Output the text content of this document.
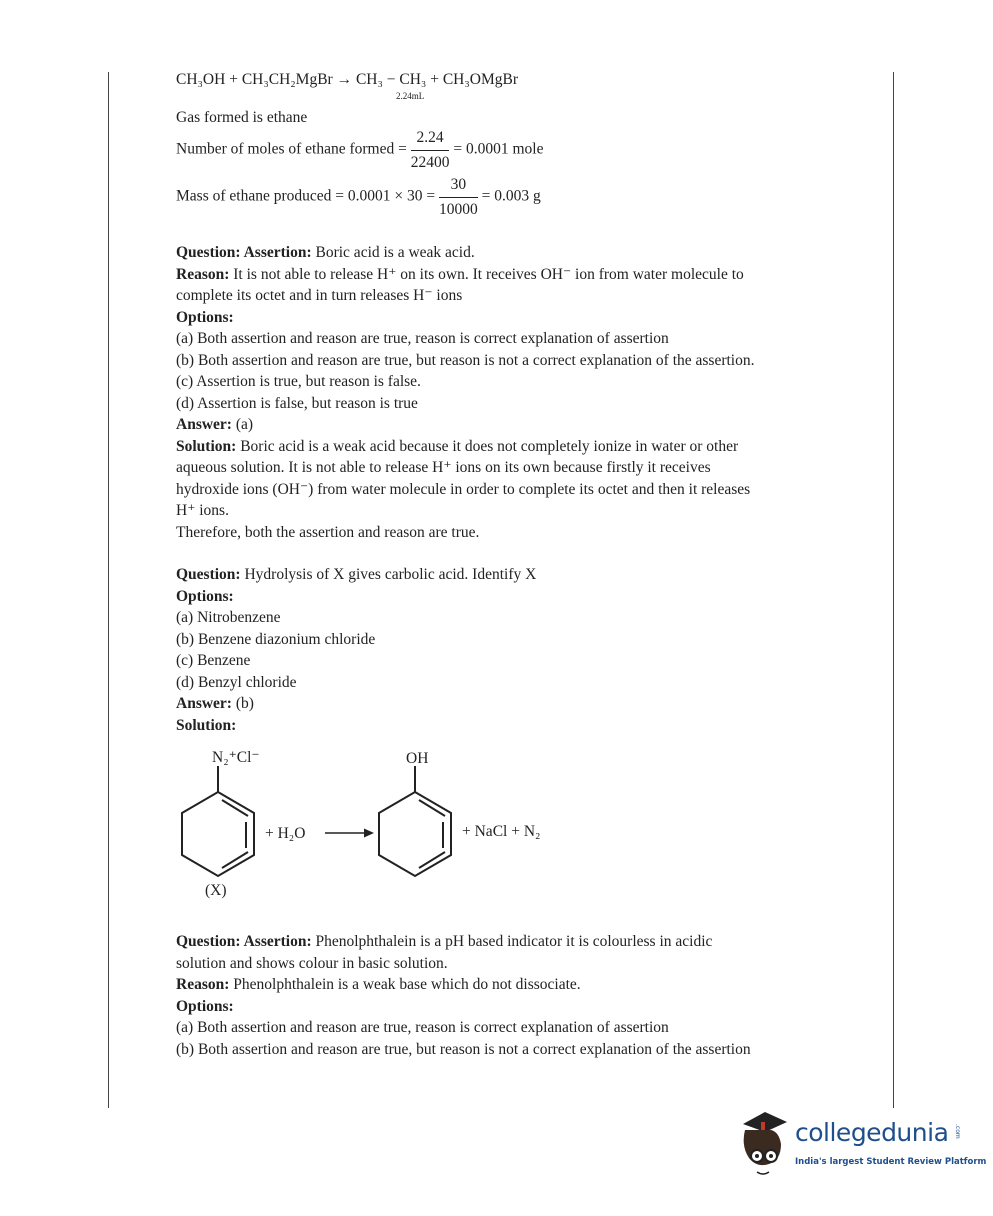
CH₃OH + CH₃CH₂MgBr → CH₃ − CH₃ + CH₃OMgBr
2.24mL
Gas formed is ethane
Number of moles of ethane formed = $\frac{2.24}{22400} = 0.0001$ mole
Mass of ethane produced = $0.0001 \times 30 = \frac{30}{10000} = 0.003$ g

Question: Assertion: Boric acid is a weak acid.

Reason: It is not able to release H⁺ on its own. It receives OH⁻ ion from water molecule to

complete its octet and in turn releases H⁻ ions

Options:

(a) Both assertion and reason are true, reason is correct explanation of assertion

(b) Both assertion and reason are true, but reason is not a correct explanation of the assertion.

(c) Assertion is true, but reason is false.

(d) Assertion is false, but reason is true

Answer: (a)

Solution: Boric acid is a weak acid because it does not completely ionize in water or other

aqueous solution. It is not able to release H⁺ ions on its own because firstly it receives

hydroxide ions (OH⁻) from water molecule in order to complete its octet and then it releases

H⁺ ions.

Therefore, both the assertion and reason are true.

Question: Hydrolysis of X gives carbolic acid. Identify X

Options:

(a) Nitrobenzene

(b) Benzene diazonium chloride

(c) Benzene

(d) Benzyl chloride

Answer: (b)

Solution:

N₂⁺Cl⁻
+ H₂O
OH
+ NaCl + N₂
(X)

Question: Assertion: Phenolphthalein is a pH based indicator it is colourless in acidic

solution and shows colour in basic solution.

Reason: Phenolphthalein is a weak base which do not dissociate.

Options:

(a) Both assertion and reason are true, reason is correct explanation of assertion

(b) Both assertion and reason are true, but reason is not a correct explanation of the assertion

collegedunia .com
India's largest Student Review Platform
